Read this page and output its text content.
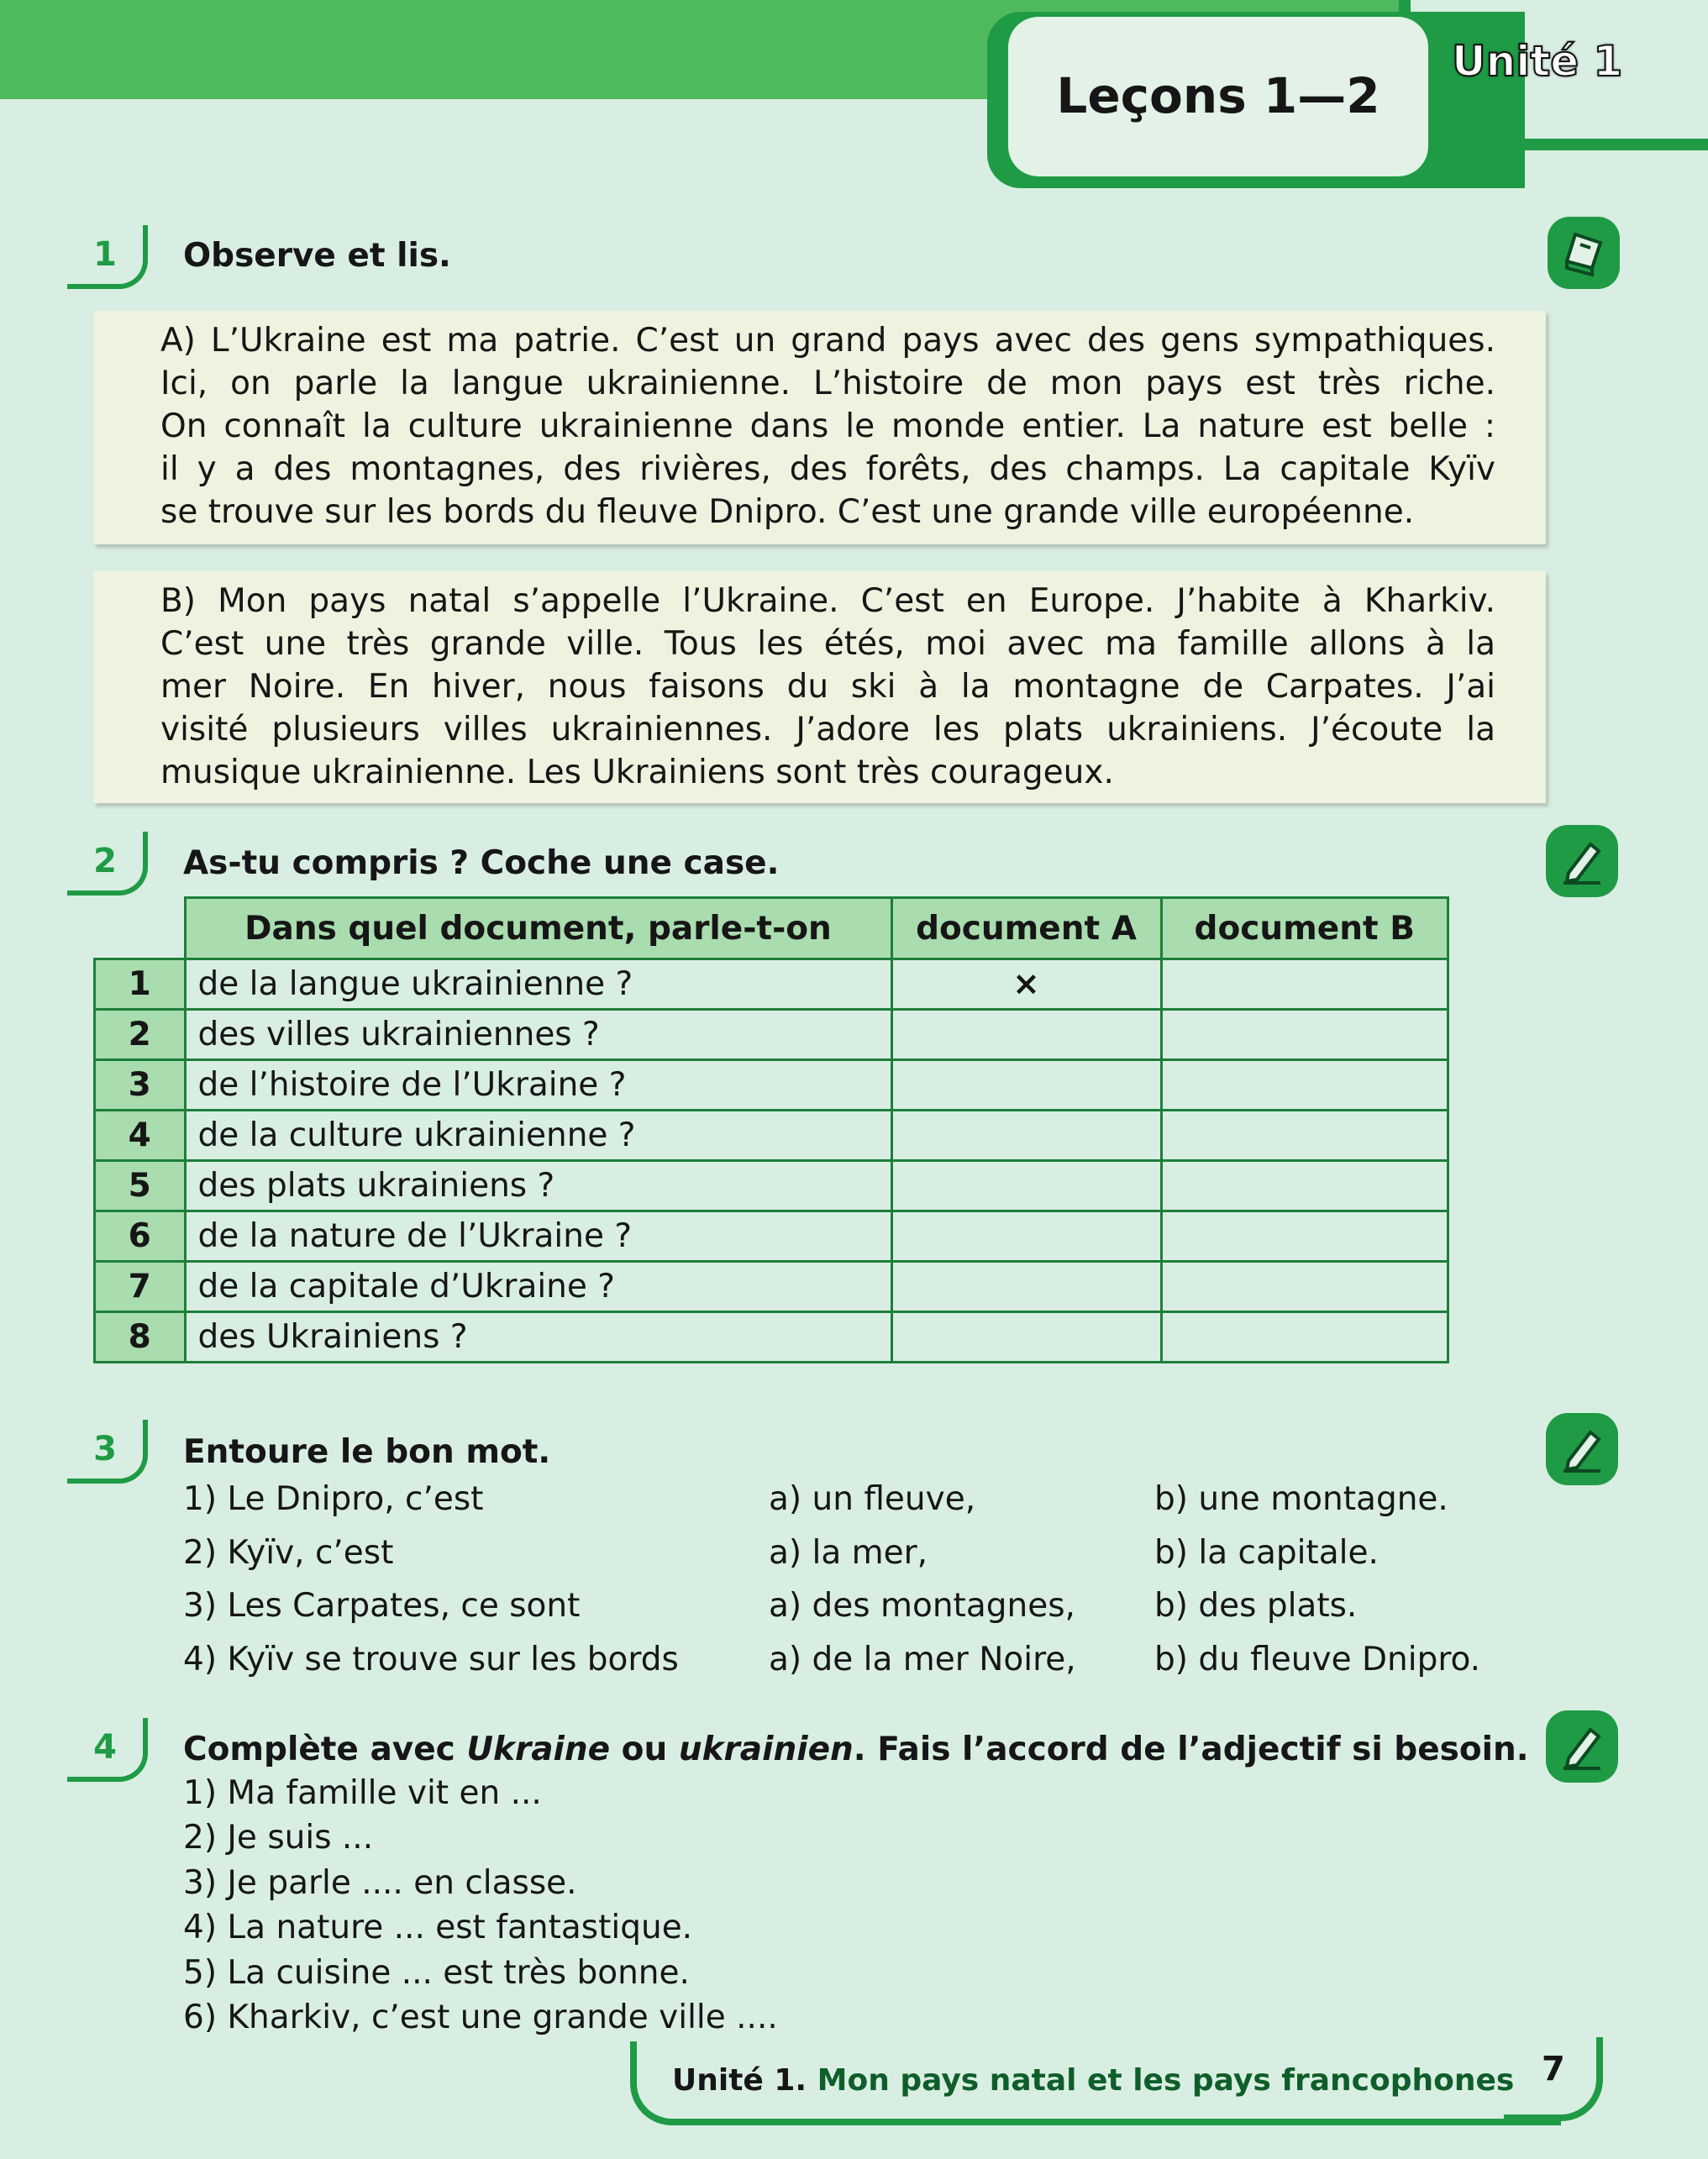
Leçons 1—2
Unité 1
1	Observe et lis.

A) L’Ukraine est ma patrie. C’est un grand pays avec des gens sympathiques.

Ici, on parle la langue ukrainienne. L’histoire de mon pays est très riche.

On connaît la culture ukrainienne dans le monde entier. La nature est belle :

il y a des montagnes, des rivières, des forêts, des champs. La capitale Kyïv

se trouve sur les bords du fleuve Dnipro. C’est une grande ville européenne.

B) Mon pays natal s’appelle l’Ukraine. C’est en Europe. J’habite à Kharkiv.

C’est une très grande ville. Tous les étés, moi avec ma famille allons à la

mer Noire. En hiver, nous faisons du ski à la montagne de Carpates. J’ai

visité plusieurs villes ukrainiennes. J’adore les plats ukrainiens. J’écoute la

musique ukrainienne. Les Ukrainiens sont très courageux.

2	As-tu compris ? Coche une case.
	Dans quel document, parle-t-on	document A	document B
1	de la langue ukrainienne ?	×	
2	des villes ukrainiennes ?		
3	de l’histoire de l’Ukraine ?		
4	de la culture ukrainienne ?		
5	des plats ukrainiens ?		
6	de la nature de l’Ukraine ?		
7	de la capitale d’Ukraine ?		
8	des Ukrainiens ?		
3	Entoure le bon mot.
1) Le Dnipro, c’est	a) un fleuve,	b) une montagne.
2) Kyïv, c’est	a) la mer,	b) la capitale.
3) Les Carpates, ce sont	a) des montagnes, b) des plats.
4) Kyïv se trouve sur les bords	a) de la mer Noire, b) du fleuve Dnipro.
4	Complète avec Ukraine ou ukrainien. Fais l’accord de l’adjectif si besoin.
1) Ma famille vit en ...
2) Je suis ...
3) Je parle .... en classe.
4) La nature ... est fantastique.
5) La cuisine ... est très bonne.
6) Kharkiv, c’est une grande ville ....
Unité 1. Mon pays natal et les pays francophones 7
